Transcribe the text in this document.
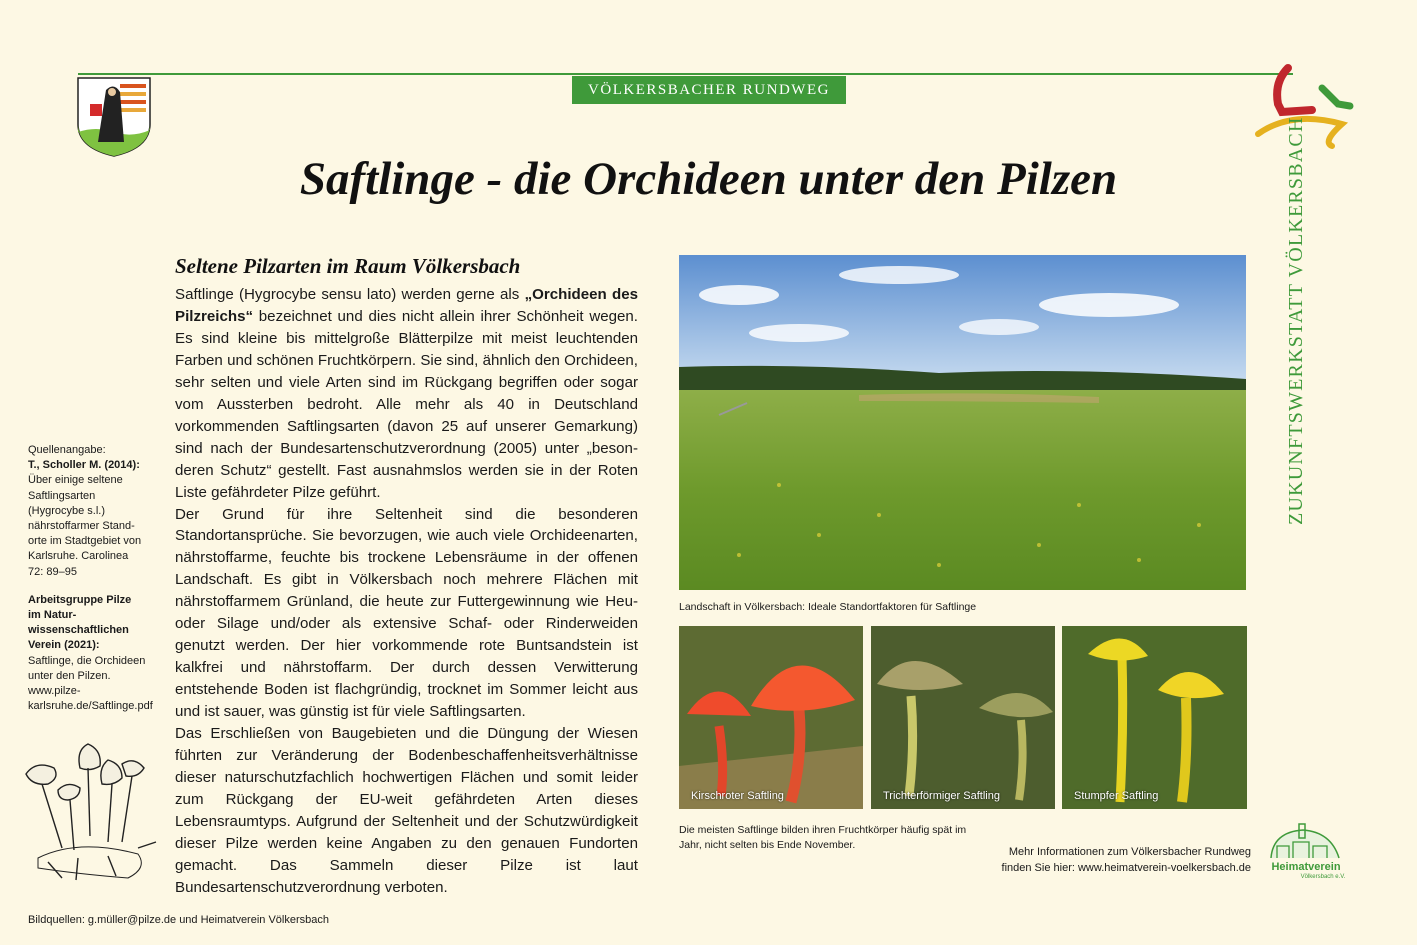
VÖLKERSBACHER RUNDWEG
Saftlinge - die Orchideen unter den Pilzen	ZUKUNFTSWERKSTATT VÖLKERSBACH
Seltene Pilzarten im Raum Völkersbach

Saftlinge (Hygrocybe sensu lato) werden gerne als „Orchideen des Pilzreichs“ bezeichnet und dies nicht allein ihrer Schönheit wegen. Es sind kleine bis mittelgroße Blätterpilze mit meist leuchtenden Farben und schönen Fruchtkörpern. Sie sind, ähnlich den Orchideen, sehr selten und viele Arten sind im Rückgang begriffen oder sogar vom Aussterben bedroht. Alle mehr als 40 in Deutschland vorkommenden Saftlingsarten (davon 25 auf unserer Gemarkung) sind nach der Bundesartenschutzverordnung (2005) unter „besonderen Schutz“ gestellt. Fast ausnahmslos werden sie in der Roten Liste gefährdeter Pilze geführt.

Der Grund für ihre Seltenheit sind die besonderen Standortansprüche. Sie bevorzugen, wie auch viele Orchideenarten, nährstoffarme, feuchte bis trockene Lebensräume in der offenen Landschaft. Es gibt in Völkersbach noch mehrere Flächen mit nährstoffarmem Grünland, die heute zur Futtergewinnung wie Heu- oder Silage und/oder als extensive Schaf- oder Rinderweiden genutzt werden. Der hier vorkommende rote Buntsandstein ist kalkfrei und nährstoffarm. Der durch dessen Verwitterung entstehende Boden ist flachgründig, trocknet im Sommer leicht aus und ist sauer, was günstig ist für viele Saftlingsarten.

Das Erschließen von Baugebieten und die Düngung der Wiesen führten zur Veränderung der Bodenbeschaffenheitsverhältnisse dieser naturschutzfachlich hochwertigen Flächen und somit leider zum Rückgang der EU-weit gefährdeten Arten dieses Lebensraumtyps. Aufgrund der Seltenheit und der Schutzwürdigkeit dieser Pilze werden keine Angaben zu den genauen Fundorten gemacht. Das Sammeln dieser Pilze ist laut Bundesartenschutzverordnung verboten.

Quellenangabe:
T., Scholler M. (2014):
Über einige seltene Saftlingsarten (Hygrocybe s.l.) nährstoffarmer Standorte im Stadtgebiet von Karlsruhe. Carolinea 72: 89–95
Arbeitsgruppe Pilze im Naturwissenschaftlichen Verein (2021):
Saftlinge, die Orchideen unter den Pilzen. www.pilze-karlsruhe.de/Saftlinge.pdf
Landschaft in Völkersbach: Ideale Standortfaktoren für Saftlinge
Kirschroter Saftling	Trichterförmiger Saftling	Stumpfer Saftling
Die meisten Saftlinge bilden ihren Fruchtkörper häufig spät im Jahr, nicht selten bis Ende November.
Mehr Informationen zum Völkersbacher Rundweg
finden Sie hier: www.heimatverein-voelkersbach.de Heimatverein
Völkersbach e.V.
Bildquellen: g.müller@pilze.de und Heimatverein Völkersbach
